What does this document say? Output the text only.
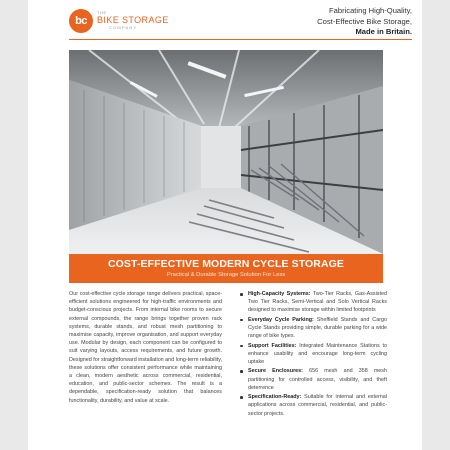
bc
THE
BIKE STORAGE
COMPANY
Fabricating High-Quality,
Cost-Effective Bike Storage,
Made in Britain.
COST-EFFECTIVE MODERN CYCLE STORAGE
Practical & Durable Storage Solution For Less

Our cost-effective cycle storage range delivers practical, space-efficient solutions engineered for high-traffic environments and budget-conscious projects. From internal bike rooms to secure external compounds, the range brings together proven rack systems, durable stands, and robust mesh partitioning to maximise capacity, improve organisation, and support everyday use. Modular by design, each component can be configured to suit varying layouts, access requirements, and future growth. Designed for straightforward installation and long-term reliability, these solutions offer consistent performance while maintaining a clean, modern aesthetic across commercial, residential, education, and public-sector schemes. The result is a dependable, specification-ready solution that balances functionality, durability, and value at scale.

High-Capacity Systems: Two-Tier Racks, Gas-Assisted Two Tier Racks, Semi-Vertical and Solo Vertical Racks designed to maximise storage within limited footprints
Everyday Cycle Parking: Sheffield Stands and Cargo Cycle Stands providing simple, durable parking for a wide range of bike types.
Support Facilities: Integrated Maintenance Stations to enhance usability and encourage long-term cycling uptake
Secure Enclosures: 656 mesh and 358 mesh partitioning for controlled access, visibility, and theft deterrence
Specification-Ready: Suitable for internal and external applications across commercial, residential, and public-sector projects.
